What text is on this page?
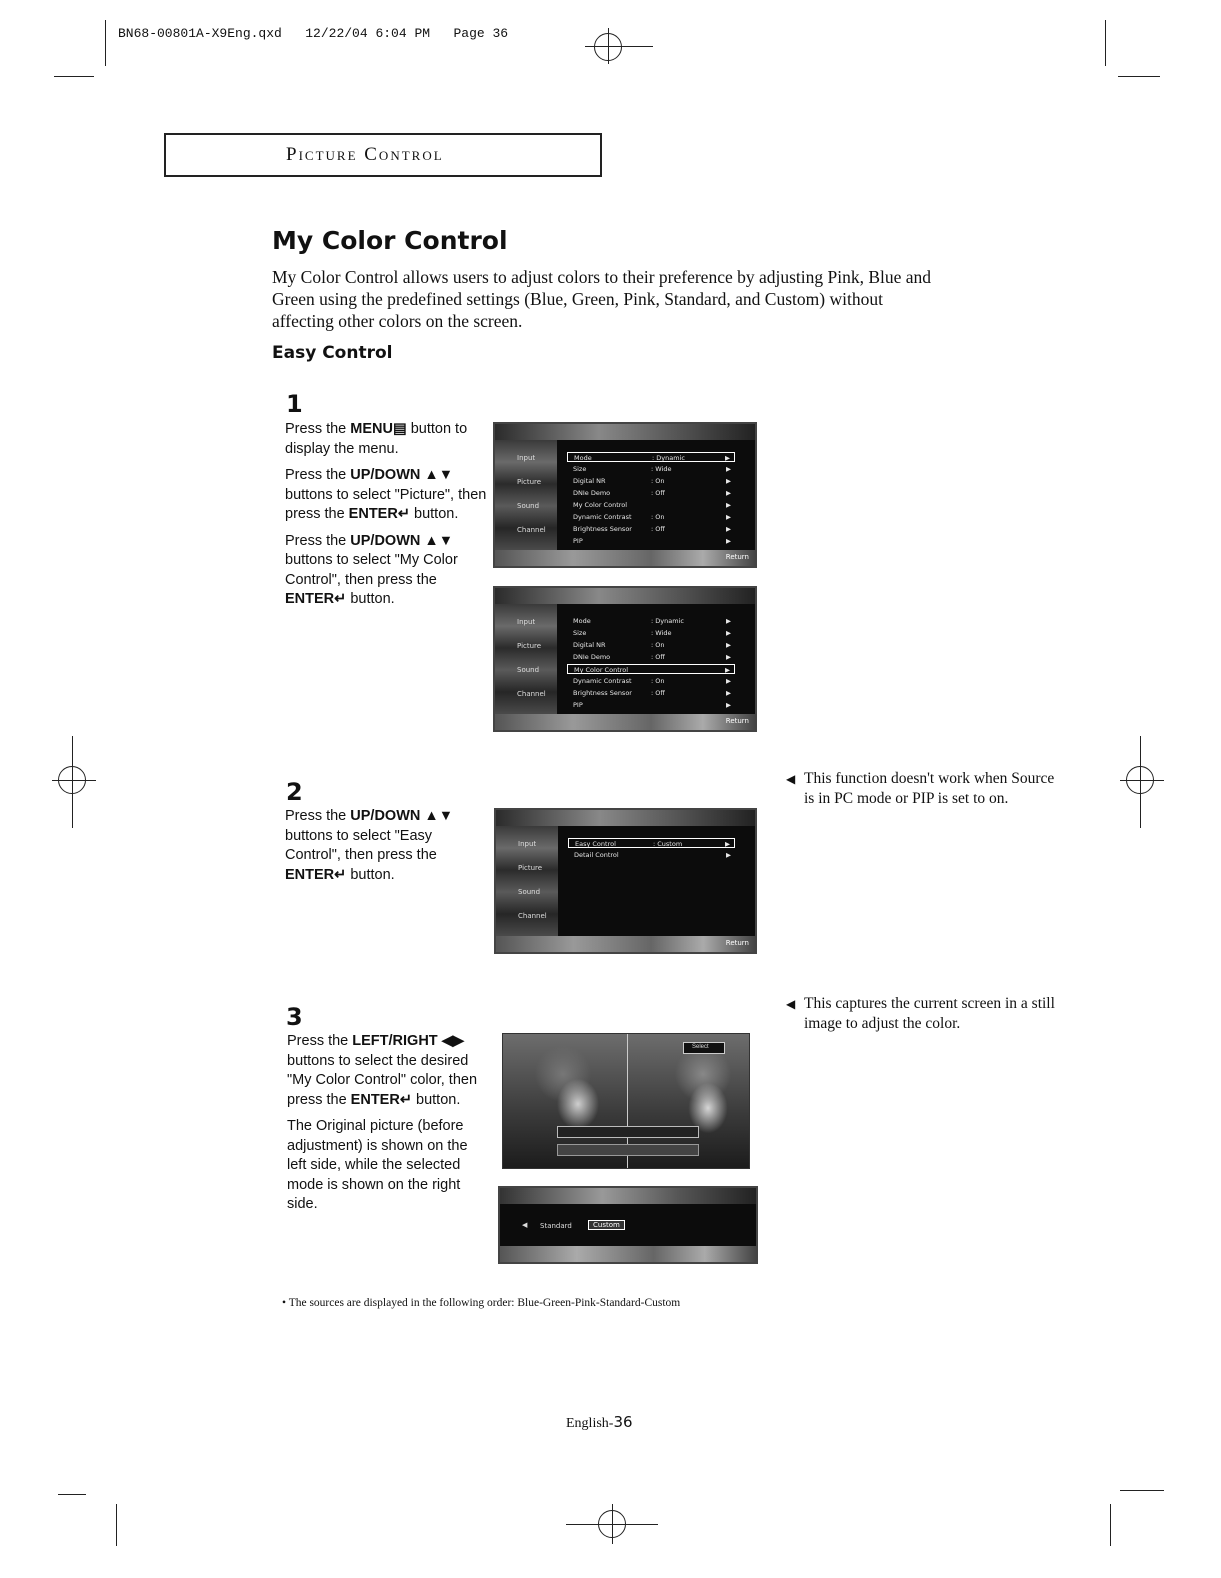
BN68-00801A-X9Eng.qxd 12/22/04 6:04 PM Page 36
Picture Control
My Color Control
My Color Control allows users to adjust colors to their preference by adjusting Pink, Blue and Green using the predefined settings (Blue, Green, Pink, Standard, and Custom) without affecting other colors on the screen.
Easy Control
1

Press the MENU▤ button to display the menu.

Press the UP/DOWN ▲▼ buttons to select "Picture", then press the ENTER↵ button.

Press the UP/DOWN ▲▼ buttons to select "My Color Control", then press the ENTER↵ button.

Input
Picture
Sound
Channel
Mode	: Dynamic	▶
Size	: Wide	▶
Digital NR	: On	▶
DNIe Demo	: Off	▶
My Color Control	▶
Dynamic Contrast	: On	▶
Brightness Sensor	: Off	▶
PIP	▶
Return
Input
Picture
Sound
Channel
Mode	: Dynamic	▶
Size	: Wide	▶
Digital NR	: On	▶
DNIe Demo	: Off	▶
My Color Control	▶
Dynamic Contrast	: On	▶
Brightness Sensor	: Off	▶
PIP	▶
Return
2

Press the UP/DOWN ▲▼ buttons to select "Easy Control", then press the ENTER↵ button.

Input
Picture
Sound
Channel
Easy Control	: Custom	▶
Detail Control	▶
Return
◀ This function doesn't work when Source is in PC mode or PIP is set to on.
◀ This captures the current screen in a still image to adjust the color.
3

Press the LEFT/RIGHT ◀▶ buttons to select the desired "My Color Control" color, then press the ENTER↵ button.

The Original picture (before adjustment) is shown on the left side, while the selected mode is shown on the right side.

Select
◀ Standard	Custom
• The sources are displayed in the following order: Blue-Green-Pink-Standard-Custom
English-36
